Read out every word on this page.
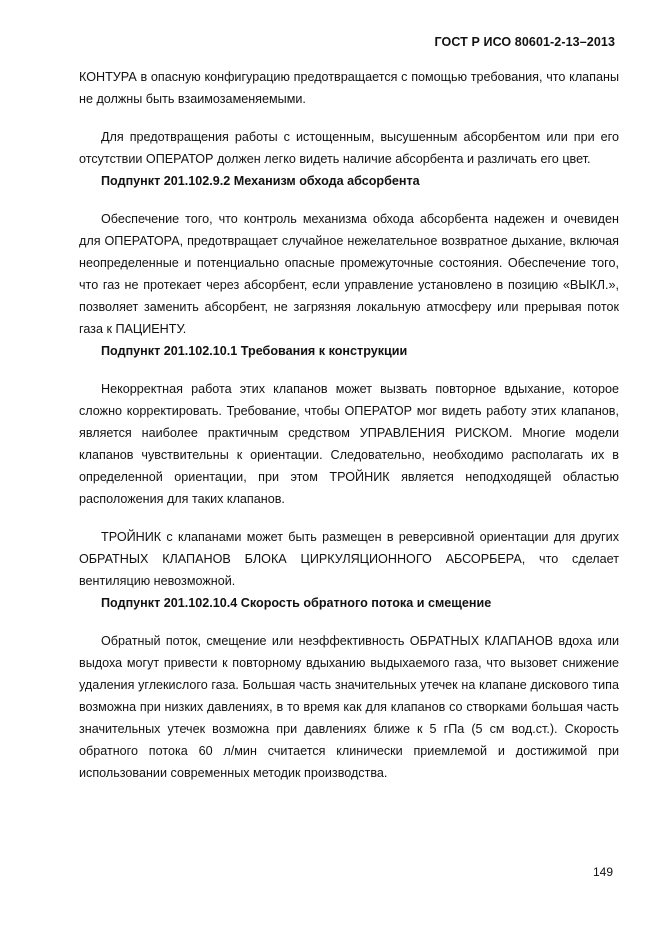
ГОСТ Р ИСО 80601-2-13–2013

КОНТУРА в опасную конфигурацию предотвращается с помощью требования, что клапаны не должны быть взаимозаменяемыми.

Для предотвращения работы с истощенным, высушенным абсорбентом или при его отсутствии ОПЕРАТОР должен легко видеть наличие абсорбента и различать его цвет.

Подпункт 201.102.9.2 Механизм обхода абсорбента

Обеспечение того, что контроль механизма обхода абсорбента надежен и очевиден для ОПЕРАТОРА, предотвращает случайное нежелательное возвратное дыхание, включая неопределенные и потенциально опасные промежуточные состояния. Обеспечение того, что газ не протекает через абсорбент, если управление установлено в позицию «ВЫКЛ.», позволяет заменить абсорбент, не загрязняя локальную атмосферу или прерывая поток газа к ПАЦИЕНТУ.

Подпункт 201.102.10.1 Требования к конструкции

Некорректная работа этих клапанов может вызвать повторное вдыхание, которое сложно корректировать. Требование, чтобы ОПЕРАТОР мог видеть работу этих клапанов, является наиболее практичным средством УПРАВЛЕНИЯ РИСКОМ. Многие модели клапанов чувствительны к ориентации. Следовательно, необходимо располагать их в определенной ориентации, при этом ТРОЙНИК является неподходящей областью расположения для таких клапанов.

ТРОЙНИК с клапанами может быть размещен в реверсивной ориентации для других ОБРАТНЫХ КЛАПАНОВ БЛОКА ЦИРКУЛЯЦИОННОГО АБСОРБЕРА, что сделает вентиляцию невозможной.

Подпункт 201.102.10.4 Скорость обратного потока и смещение

Обратный поток, смещение или неэффективность ОБРАТНЫХ КЛАПАНОВ вдоха или выдоха могут привести к повторному вдыханию выдыхаемого газа, что вызовет снижение удаления углекислого газа. Большая часть значительных утечек на клапане дискового типа возможна при низких давлениях, в то время как для клапанов со створками большая часть значительных утечек возможна при давлениях ближе к 5 гПа (5 см вод.ст.). Скорость обратного потока 60 л/мин считается клинически приемлемой и достижимой при использовании современных методик производства.

149
